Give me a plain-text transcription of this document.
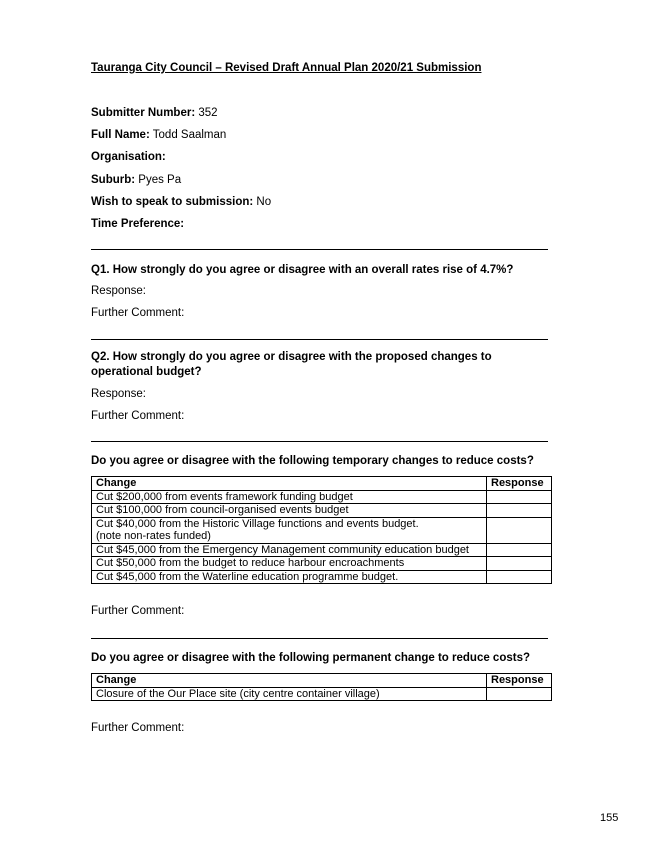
Tauranga City Council – Revised Draft Annual Plan 2020/21 Submission
Submitter Number: 352
Full Name: Todd Saalman
Organisation:
Suburb: Pyes Pa
Wish to speak to submission: No
Time Preference:
Q1. How strongly do you agree or disagree with an overall rates rise of 4.7%?
Response:
Further Comment:
Q2. How strongly do you agree or disagree with the proposed changes to operational budget?
Response:
Further Comment:
Do you agree or disagree with the following temporary changes to reduce costs?
Change	Response
Cut $200,000 from events framework funding budget	
Cut $100,000 from council-organised events budget	
Cut $40,000 from the Historic Village functions and events budget.
(note non-rates funded)	
Cut $45,000 from the Emergency Management community education budget	
Cut $50,000 from the budget to reduce harbour encroachments	
Cut $45,000 from the Waterline education programme budget.	
Further Comment:
Do you agree or disagree with the following permanent change to reduce costs?
Change	Response
Closure of the Our Place site (city centre container village)	
Further Comment:
155
